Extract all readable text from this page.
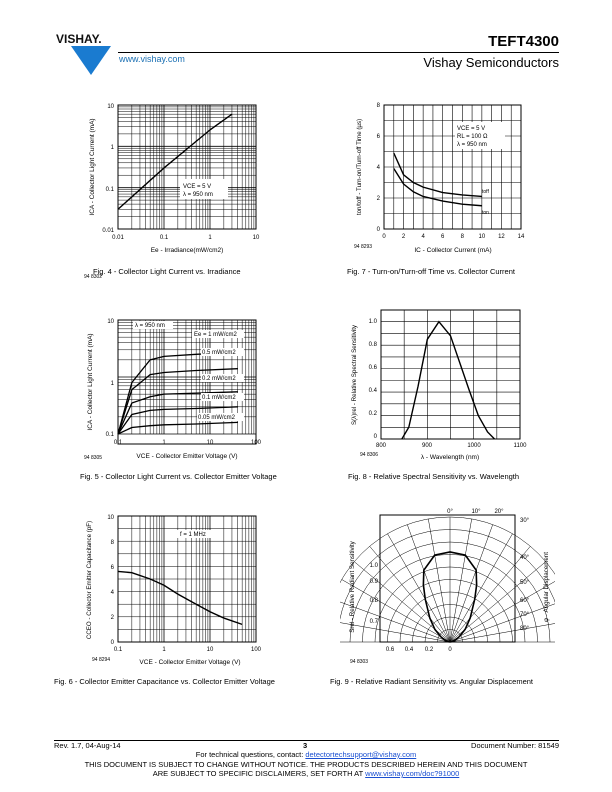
VISHAY.
www.vishay.com
TEFT4300
Vishay Semiconductors
10
1
0.1
0.01
0.01	0.1	1	10
VCE = 5 V
λ = 950 nm
Ee - Irradiance(mW/cm2)
ICA - Collector Light Current (mA)
94 8302
Fig. 4 - Collector Light Current vs. Irradiance
8
6
4
2
0
0	2	4	6	8 10 12 14
VCE = 5 V
RL = 100 Ω
λ = 950 nm
toff
ton
IC - Collector Current (mA)
ton/toff - Turn-on/Turn-off Time (µs)
94 8293
Fig. 7 - Turn-on/Turn-off Time vs. Collector Current
10
1
0.1
0.1	1	10	100
λ = 950 nm
Ee = 1 mW/cm2
0.5 mW/cm2
0.2 mW/cm2
0.1 mW/cm2
0.05 mW/cm2
VCE - Collector Emitter Voltage (V)
ICA - Collector Light Current (mA)
94 8305
Fig. 5 - Collector Light Current vs. Collector Emitter Voltage
1.0
0.8
0.6
0.4
0.2
0
800	900	1000	1100
λ - Wavelength (nm)
S(λ)rel - Relative Spectral Sensitivity
94 8306
Fig. 8 - Relative Spectral Sensitivity vs. Wavelength
10
8
6
4
2
0
0.1	1	10	100
f = 1 MHz
VCE - Collector Emitter Voltage (V)
CCEO - Collector Emitter Capacitance (pF)
94 8294
Fig. 6 - Collector Emitter Capacitance vs. Collector Emitter Voltage
0°	10° 20°
30°
40°
50°
60°
70°
80°
1.0
0.9
0.8
0.7
0.6 0.4 0.2	0
Srel - Relative Radiant Sensitivity	φ - Angular Displacement
94 8303
Fig. 9 - Relative Radiant Sensitivity vs. Angular Displacement
Rev. 1.7, 04-Aug-14	3	Document Number: 81549
For technical questions, contact: detectortechsupport@vishay.com
THIS DOCUMENT IS SUBJECT TO CHANGE WITHOUT NOTICE. THE PRODUCTS DESCRIBED HEREIN AND THIS DOCUMENT
ARE SUBJECT TO SPECIFIC DISCLAIMERS, SET FORTH AT www.vishay.com/doc?91000
